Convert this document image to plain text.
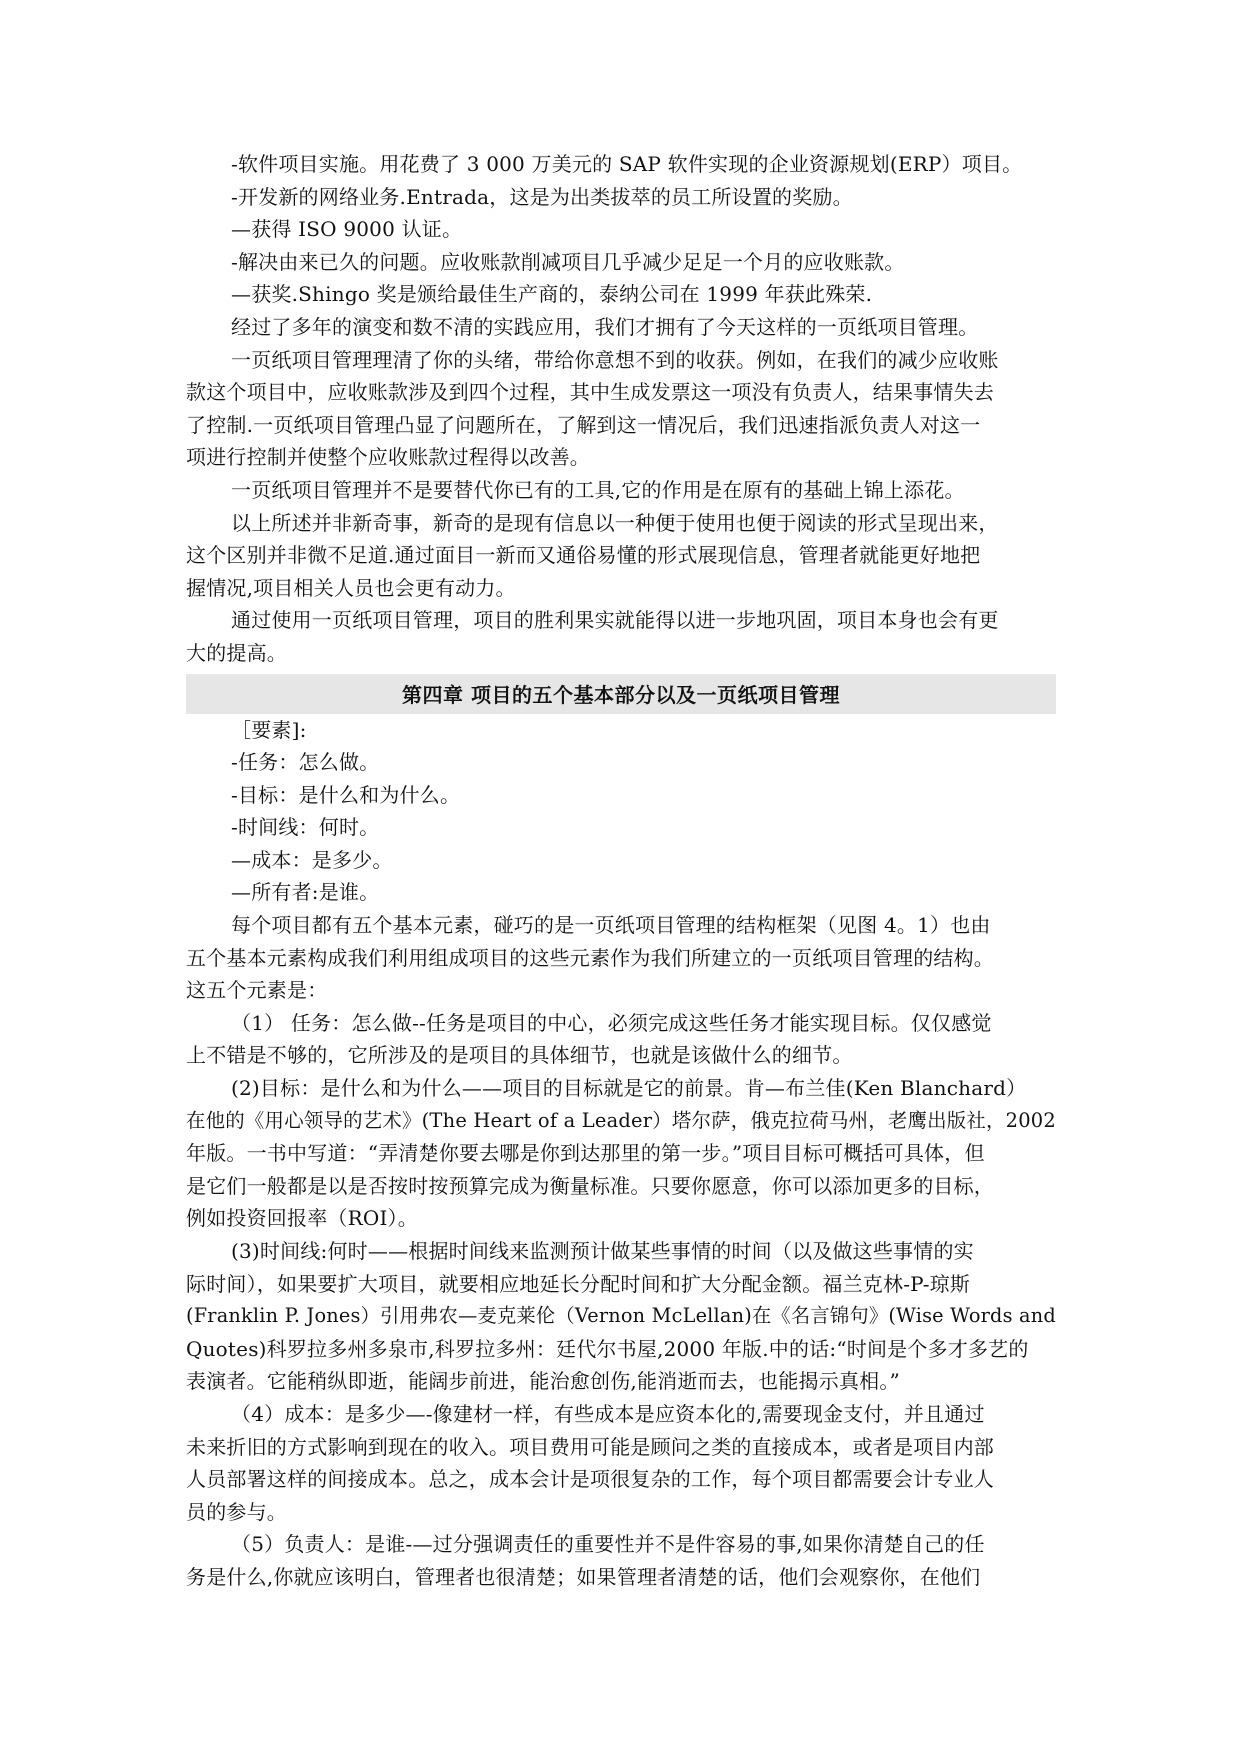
-软件项目实施。用花费了 3 000 万美元的 SAP 软件实现的企业资源规划(ERP）项目。
-开发新的网络业务.Entrada，这是为出类拔萃的员工所设置的奖励。
—获得 ISO 9000 认证。
-解决由来已久的问题。应收账款削减项目几乎减少足足一个月的应收账款。
—获奖.Shingo 奖是颁给最佳生产商的，泰纳公司在 1999 年获此殊荣.
经过了多年的演变和数不清的实践应用，我们才拥有了今天这样的一页纸项目管理。
一页纸项目管理理清了你的头绪，带给你意想不到的收获。例如，在我们的减少应收账
款这个项目中，应收账款涉及到四个过程，其中生成发票这一项没有负责人，结果事情失去
了控制.一页纸项目管理凸显了问题所在，了解到这一情况后，我们迅速指派负责人对这一
项进行控制并使整个应收账款过程得以改善。
一页纸项目管理并不是要替代你已有的工具,它的作用是在原有的基础上锦上添花。
以上所述并非新奇事，新奇的是现有信息以一种便于使用也便于阅读的形式呈现出来，
这个区别并非微不足道.通过面目一新而又通俗易懂的形式展现信息，管理者就能更好地把
握情况,项目相关人员也会更有动力。
通过使用一页纸项目管理，项目的胜利果实就能得以进一步地巩固，项目本身也会有更
大的提高。
第四章 项目的五个基本部分以及一页纸项目管理
［要素]:
-任务：怎么做。
-目标：是什么和为什么。
-时间线：何时。
—成本：是多少。
—所有者:是谁。
每个项目都有五个基本元素，碰巧的是一页纸项目管理的结构框架（见图 4。1）也由
五个基本元素构成我们利用组成项目的这些元素作为我们所建立的一页纸项目管理的结构。
这五个元素是：
（1） 任务：怎么做--任务是项目的中心，必须完成这些任务才能实现目标。仅仅感觉
上不错是不够的，它所涉及的是项目的具体细节，也就是该做什么的细节。
(2)目标：是什么和为什么——项目的目标就是它的前景。肯—布兰佳(Ken Blanchard）
在他的《用心领导的艺术》(The Heart of a Leader）塔尔萨，俄克拉荷马州，老鹰出版社，2002
年版。一书中写道：“弄清楚你要去哪是你到达那里的第一步。”项目目标可概括可具体，但
是它们一般都是以是否按时按预算完成为衡量标准。只要你愿意，你可以添加更多的目标，
例如投资回报率（ROI）。
(3)时间线:何时——根据时间线来监测预计做某些事情的时间（以及做这些事情的实
际时间），如果要扩大项目，就要相应地延长分配时间和扩大分配金额。福兰克林-P-琼斯
(Franklin P. Jones）引用弗农—麦克莱伦（Vernon McLellan)在《名言锦句》(Wise Words and
Quotes)科罗拉多州多泉市,科罗拉多州：廷代尔书屋,2000 年版.中的话:“时间是个多才多艺的
表演者。它能稍纵即逝，能阔步前进，能治愈创伤,能消逝而去，也能揭示真相。”
（4）成本：是多少—-像建材一样，有些成本是应资本化的,需要现金支付，并且通过
未来折旧的方式影响到现在的收入。项目费用可能是顾问之类的直接成本，或者是项目内部
人员部署这样的间接成本。总之，成本会计是项很复杂的工作，每个项目都需要会计专业人
员的参与。
（5）负责人：是谁-—过分强调责任的重要性并不是件容易的事,如果你清楚自己的任
务是什么,你就应该明白，管理者也很清楚；如果管理者清楚的话，他们会观察你，在他们
